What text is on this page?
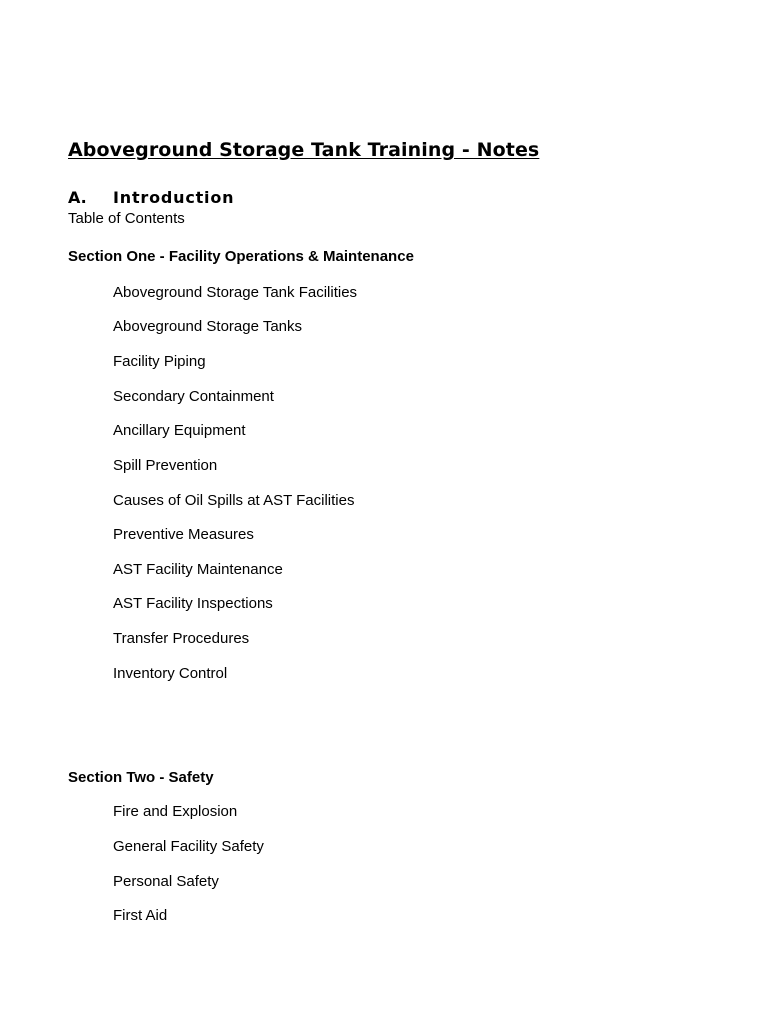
Aboveground Storage Tank Training - Notes
A. Introduction
Table of Contents
Section One - Facility Operations & Maintenance
Aboveground Storage Tank Facilities
Aboveground Storage Tanks
Facility Piping
Secondary Containment
Ancillary Equipment
Spill Prevention
Causes of Oil Spills at AST Facilities
Preventive Measures
AST Facility Maintenance
AST Facility Inspections
Transfer Procedures
Inventory Control
Section Two - Safety
Fire and Explosion
General Facility Safety
Personal Safety
First Aid
